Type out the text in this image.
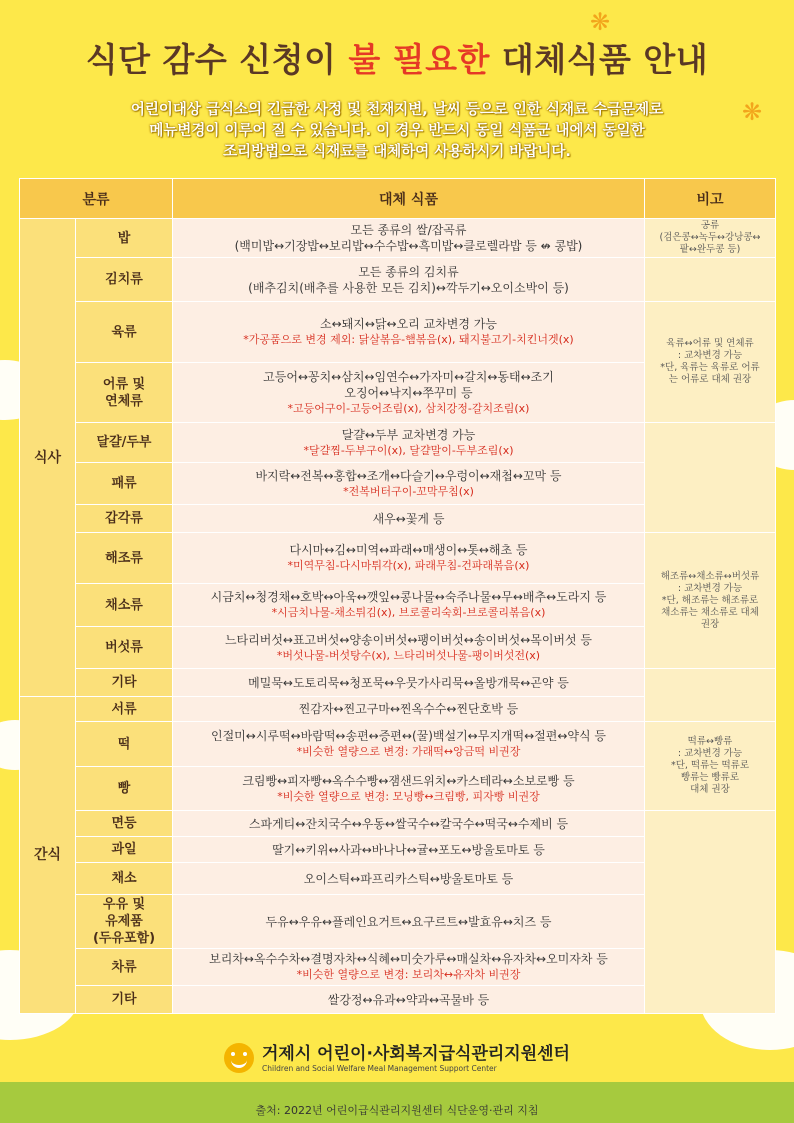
❋
❋
식단 감수 신청이 불 필요한 대체식품 안내

어린이대상 급식소의 긴급한 사정 및 천재지변, 날씨 등으로 인한 식재료 수급문제로

메뉴변경이 이루어 질 수 있습니다. 이 경우 반드시 동일 식품군 내에서 동일한

조리방법으로 식재료를 대체하여 사용하시기 바랍니다.

분류		대체 식품	비고
식사	밥	모든 종류의 쌀/잡곡류
(백미밥↔기장밥↔보리밥↔수수밥↔흑미밥↔클로렐라밥 등 ↮ 콩밥)	공류
(검은콩↔녹두↔강낭콩↔
팥↔완두콩 등)

	김치류	모든 종류의 김치류
(배추김치(배추를 사용한 모든 김치)↔깍두기↔오이소박이 등)	

	육류	소↔돼지↔닭↔오리 교차변경 가능
*가공품으로 변경 제외: 닭살볶음-햄볶음(x), 돼지불고기-치킨너겟(x)	육류↔어류 및 연체류
: 교차변경 가능
*단, 육류는 육류로 어류
는 어류로 대체 권장

	어류 및
연체류	고등어↔꽁치↔삼치↔임연수↔가자미↔갈치↔동태↔조기
오징어↔낙지↔쭈꾸미 등
*고등어구이-고등어조림(x), 삼치강정-갈치조림(x)	

	달걀/두부	달걀↔두부 교차변경 가능
*달걀찜-두부구이(x), 달걀말이-두부조림(x)	

	패류	바지락↔전복↔홍합↔조개↔다슬기↔우렁이↔재첩↔꼬막 등
*전복버터구이-꼬막무침(x)	

	갑각류	새우↔꽃게 등	

	해조류	다시마↔김↔미역↔파래↔매생이↔톳↔해초 등
*미역무침-다시마튀각(x), 파래무침-건파래볶음(x)	해조류↔채소류↔버섯류
: 교차변경 가능
*단, 해조류는 해조류로
채소류는 채소류로 대체
권장

	채소류	시금치↔청경채↔호박↔아욱↔깻잎↔콩나물↔숙주나물↔무↔배추↔도라지 등
*시금치나물-채소튀김(x), 브로콜리숙회-브로콜리볶음(x)	

	버섯류	느타리버섯↔표고버섯↔양송이버섯↔팽이버섯↔송이버섯↔목이버섯 등
*버섯나물-버섯탕수(x), 느타리버섯나물-팽이버섯전(x)	

	기타	메밀묵↔도토리묵↔청포묵↔우뭇가사리묵↔올방개묵↔곤약 등	

간식	서류	찐감자↔찐고구마↔찐옥수수↔찐단호박 등	

	떡	인절미↔시루떡↔바람떡↔송편↔증편↔(꿀)백설기↔무지개떡↔절편↔약식 등
*비슷한 열량으로 변경: 가래떡↔앙금떡 비권장	떡류↔빵류
: 교차변경 가능
*단, 떡류는 떡류로
빵류는 빵류로
대체 권장

	빵	크림빵↔피자빵↔옥수수빵↔잼샌드위치↔카스테라↔소보로빵 등
*비슷한 열량으로 변경: 모닝빵↔크림빵, 피자빵 비권장	

	면등	스파게티↔잔치국수↔우동↔쌀국수↔칼국수↔떡국↔수제비 등	

	과일	딸기↔키위↔사과↔바나나↔귤↔포도↔방울토마토 등	

	채소	오이스틱↔파프리카스틱↔방울토마토 등	

	우유 및
유제품
(두유포함)	두유↔우유↔플레인요거트↔요구르트↔발효유↔치즈 등	

	차류	보리차↔옥수수차↔결명자차↔식혜↔미숫가루↔매실차↔유자차↔오미자차 등
*비슷한 열량으로 변경: 보리차↔유자차 비권장	

	기타	쌀강정↔유과↔약과↔곡물바 등	
거제시 어린이·사회복지급식관리지원센터
Children and Social Welfare Meal Management Support Center
출처: 2022년 어린이급식관리지원센터 식단운영·관리 지침
